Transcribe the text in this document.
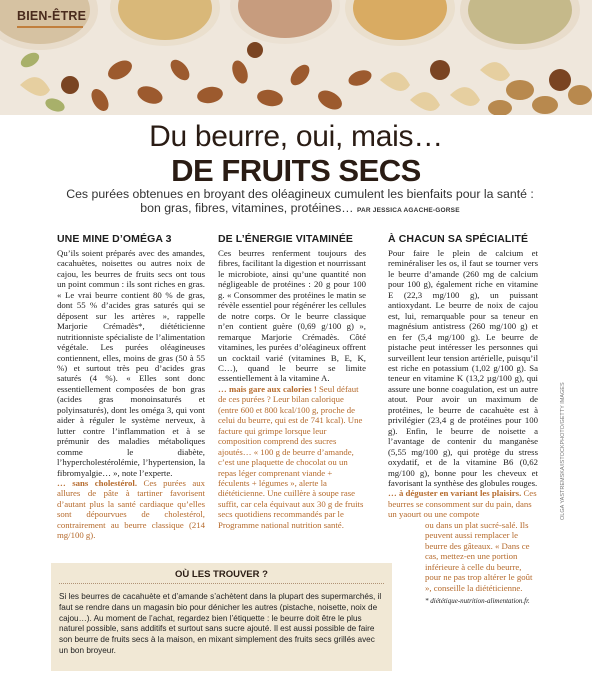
BIEN-ÊTRE
Du beurre, oui, mais…
DE FRUITS SECS
Ces purées obtenues en broyant des oléagineux cumulent les bienfaits pour la santé : bon gras, fibres, vitamines, protéines… PAR JESSICA AGACHE-GORSE
UNE MINE D’OMÉGA 3

Qu’ils soient préparés avec des amandes, cacahuètes, noisettes ou autres noix de cajou, les beurres de fruits secs ont tous un point commun : ils sont riches en gras. « Le vrai beurre contient 80 % de gras, dont 55 % d’acides gras saturés qui se déposent sur les artères », rappelle Marjorie Crémadès*, diététicienne nutritionniste spécialiste de l’alimentation végétale. Les purées oléagineuses contiennent, elles, moins de gras (50 à 55 %) et surtout très peu d’acides gras saturés (4 %). « Elles sont donc essentiellement composées de bon gras (acides gras monoinsaturés et polyinsaturés), dont les oméga 3, qui vont aider à réguler le système nerveux, à lutter contre l’inflammation et à se prémunir des maladies métaboliques comme le diabète, l’hypercholestérolémie, l’hypertension, la fibromyalgie… », note l’experte.

… sans cholestérol. Ces purées aux allures de pâte à tartiner favorisent d’autant plus la santé cardiaque qu’elles sont dépourvues de cholestérol, contrairement au beurre classique (214 mg/100 g).

DE L’ÉNERGIE VITAMINÉE

Ces beurres renferment toujours des fibres, facilitant la digestion et nourrissant le microbiote, ainsi qu’une quantité non négligeable de protéines : 20 g pour 100 g. « Consommer des protéines le matin se révèle essentiel pour régénérer les cellules de notre corps. Or le beurre classique n’en contient guère (0,69 g/100 g) », remarque Marjorie Crémadès. Côté vitamines, les purées d’oléagineux offrent un cocktail varié (vitamines B, E, K, C…), quand le beurre se limite essentiellement à la vitamine A.

… mais gare aux calories ! Seul défaut de ces purées ? Leur bilan calorique (entre 600 et 800 kcal/100 g, proche de celui du beurre, qui est de 741 kcal). Une facture qui grimpe lorsque leur composition comprend des sucres ajoutés… « 100 g de beurre d’amande, c’est une plaquette de chocolat ou un repas léger comprenant viande + féculents + légumes », alerte la diététicienne. Une cuillère à soupe rase suffit, car cela équivaut aux 30 g de fruits secs quotidiens recommandés par le Programme national nutrition santé.

À CHACUN SA SPÉCIALITÉ

Pour faire le plein de calcium et reminéraliser les os, il faut se tourner vers le beurre d’amande (260 mg de calcium pour 100 g), également riche en vitamine E (22,3 mg/100 g), un puissant antioxydant. Le beurre de noix de cajou est, lui, remarquable pour sa teneur en magnésium antistress (260 mg/100 g) et en fer (5,4 mg/100 g). Le beurre de pistache peut intéresser les personnes qui surveillent leur tension artérielle, puisqu’il est riche en potassium (1,02 g/100 g). Sa teneur en vitamine K (13,2 µg/100 g), qui assure une bonne coagulation, est un autre atout. Pour avoir un maximum de protéines, le beurre de cacahuète est à privilégier (23,4 g de protéines pour 100 g). Enfin, le beurre de noisette a l’avantage de contenir du manganèse (5,55 mg/100 g), qui protège du stress oxydatif, et de la vitamine B6 (0,62 mg/100 g), bonne pour les cheveux et favorisant la synthèse des globules rouges.

… à déguster en variant les plaisirs. Ces beurres se consomment sur du pain, dans un yaourt ou une compote

ou dans un plat sucré-salé. Ils peuvent aussi remplacer le beurre des gâteaux. « Dans ce cas, mettez-en une portion inférieure à celle du beurre, pour ne pas trop altérer le goût », conseille la diététicienne.

* diététique-nutrition-alimentation.fr.

OÙ LES TROUVER ?
Si les beurres de cacahuète et d’amande s’achètent dans la plupart des supermarchés, il faut se rendre dans un magasin bio pour dénicher les autres (pistache, noisette, noix de cajou…). Au moment de l’achat, regardez bien l’étiquette : le beurre doit être le plus naturel possible, sans additifs et surtout sans sucre ajouté. Il est aussi possible de faire son beurre de fruits secs à la maison, en mixant simplement des fruits secs grillés avec un bon broyeur.
OLGA YASTREMSKA/ISTOCKPHOTO/GETTY IMAGES
